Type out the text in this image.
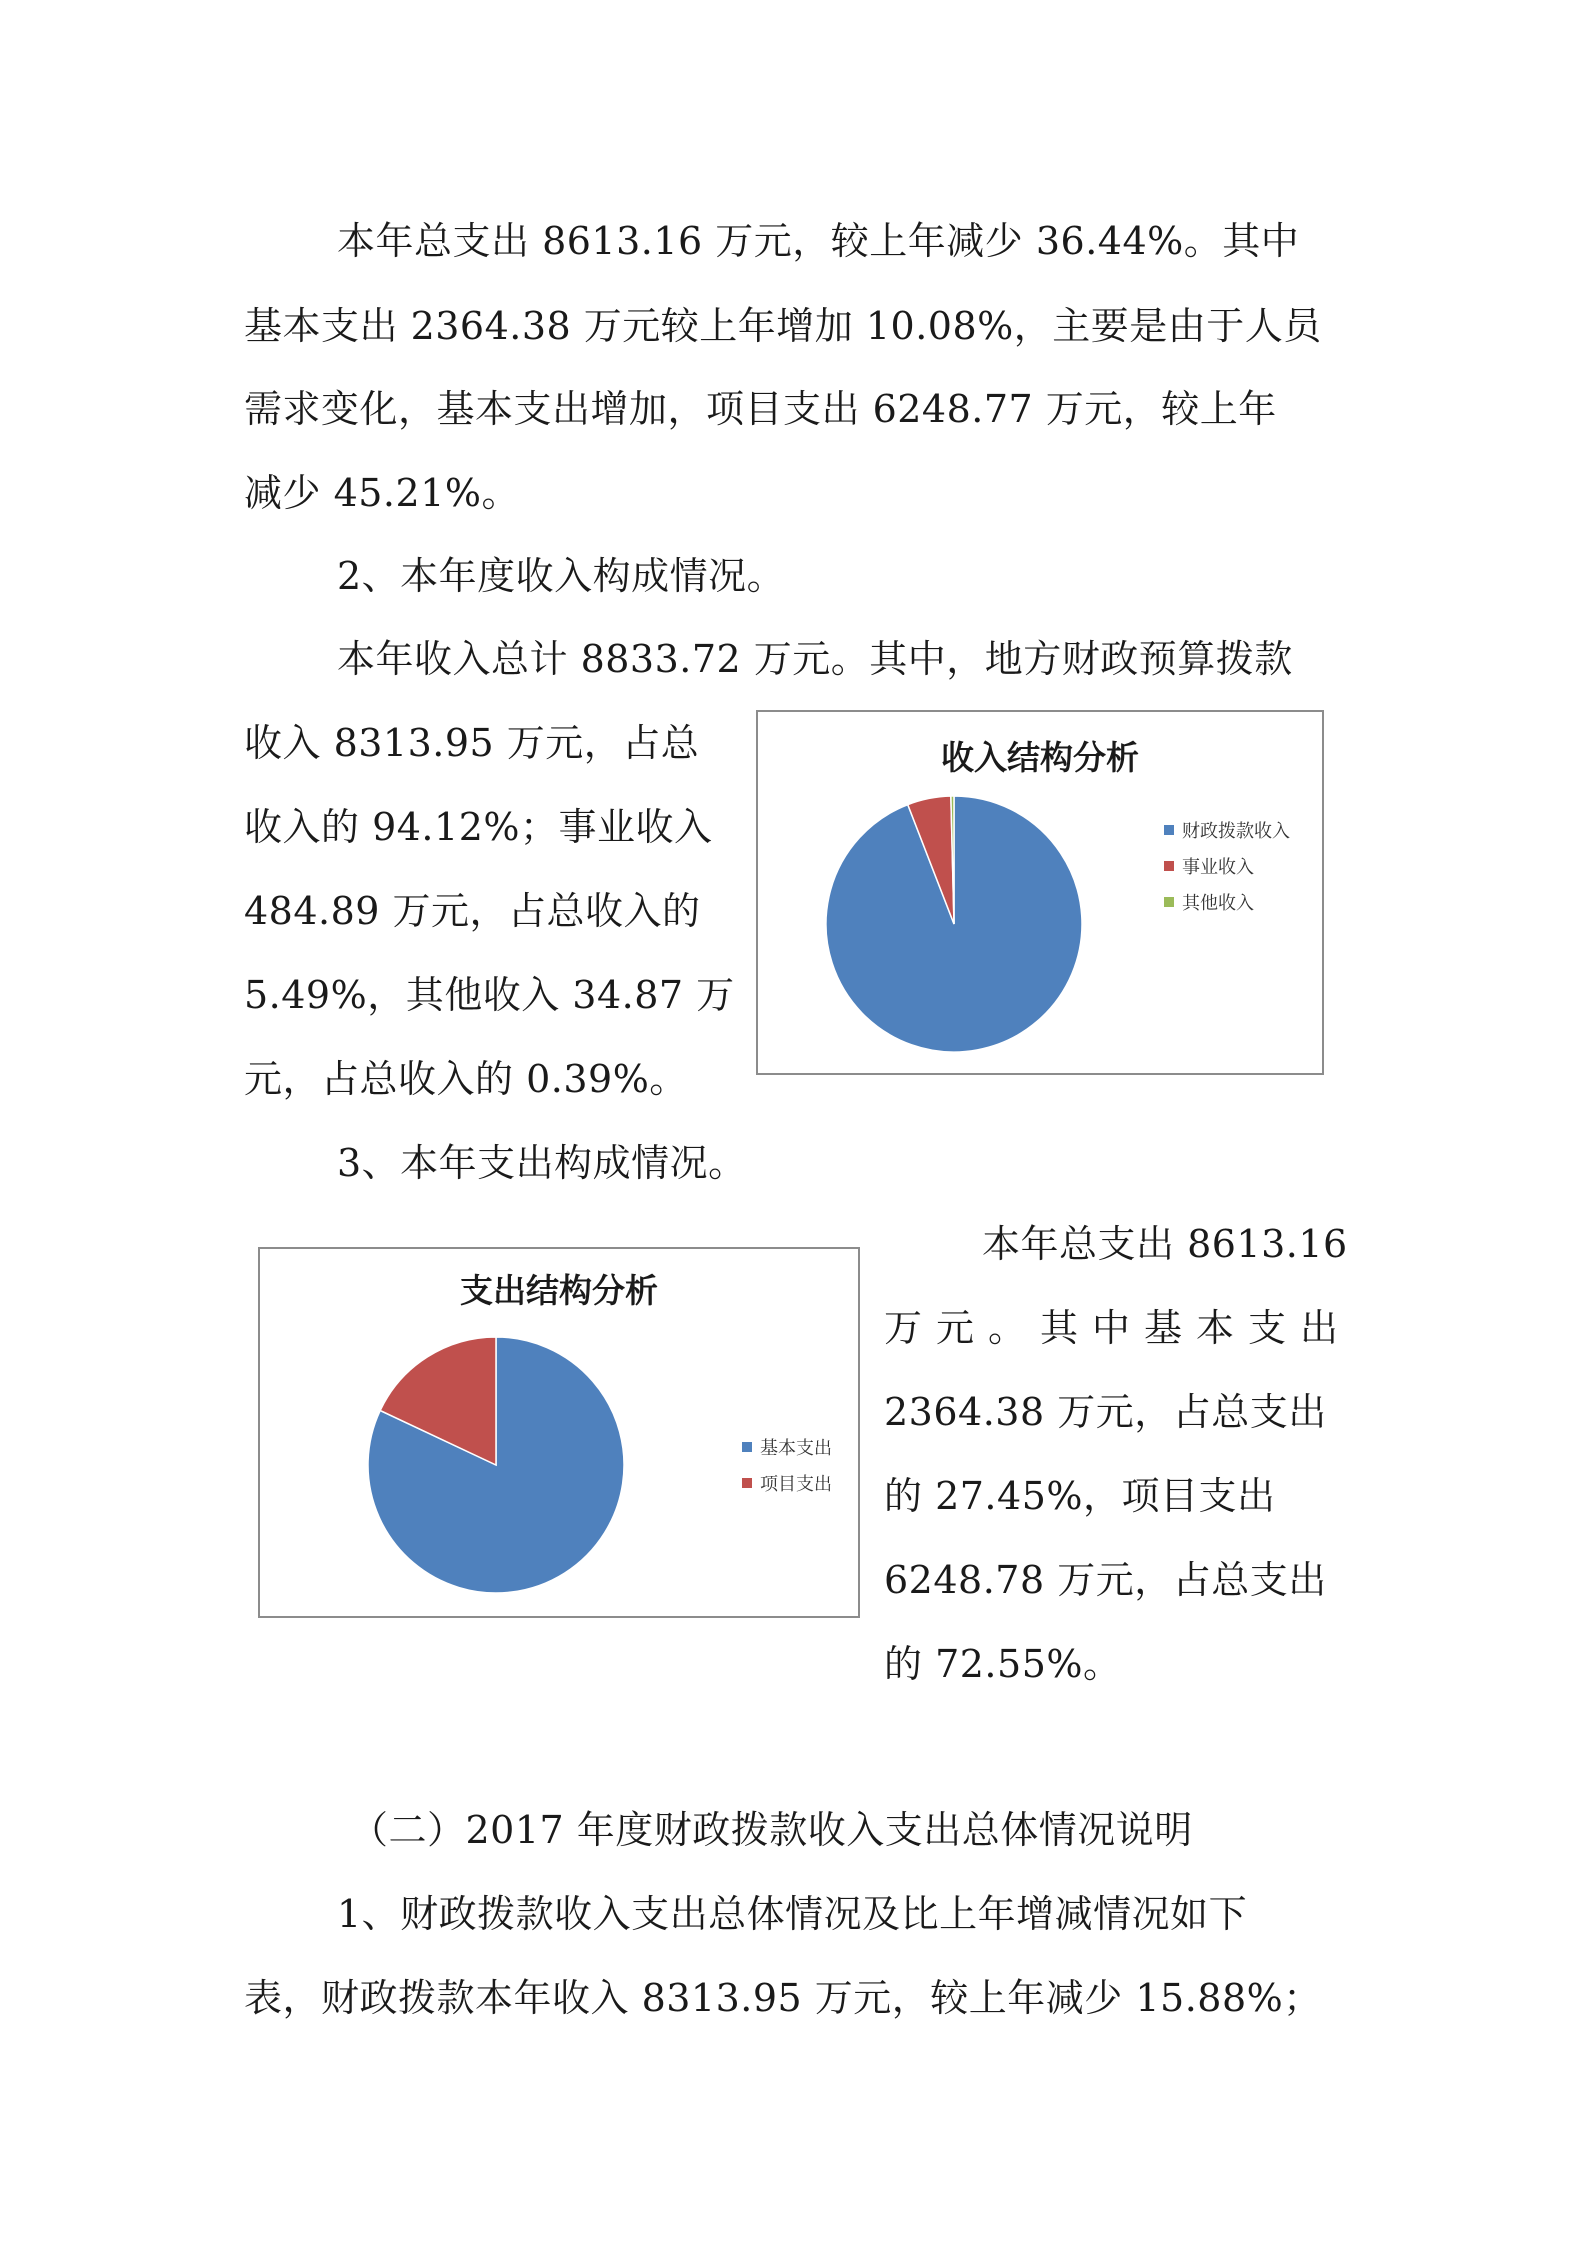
本年总支出 8613.16 万元，较上年减少 36.44%。其中
基本支出 2364.38 万元较上年增加 10.08%，主要是由于人员
需求变化，基本支出增加，项目支出 6248.77 万元，较上年
减少 45.21%。
2、本年度收入构成情况。
本年收入总计 8833.72 万元。其中，地方财政预算拨款
收入 8313.95 万元，占总
收入的 94.12%；事业收入
484.89 万元，占总收入的
5.49%，其他收入 34.87 万
元，占总收入的 0.39%。
收入结构分析
财政拨款收入
事业收入
其他收入
3、本年支出构成情况。
支出结构分析
基本支出
项目支出
本年总支出 8613.16
万元。其中基本支出
2364.38 万元，占总支出
的 27.45%，项目支出
6248.78 万元，占总支出
的 72.55%。
（二）2017 年度财政拨款收入支出总体情况说明
1、财政拨款收入支出总体情况及比上年增减情况如下
表，财政拨款本年收入 8313.95 万元，较上年减少 15.88%；
